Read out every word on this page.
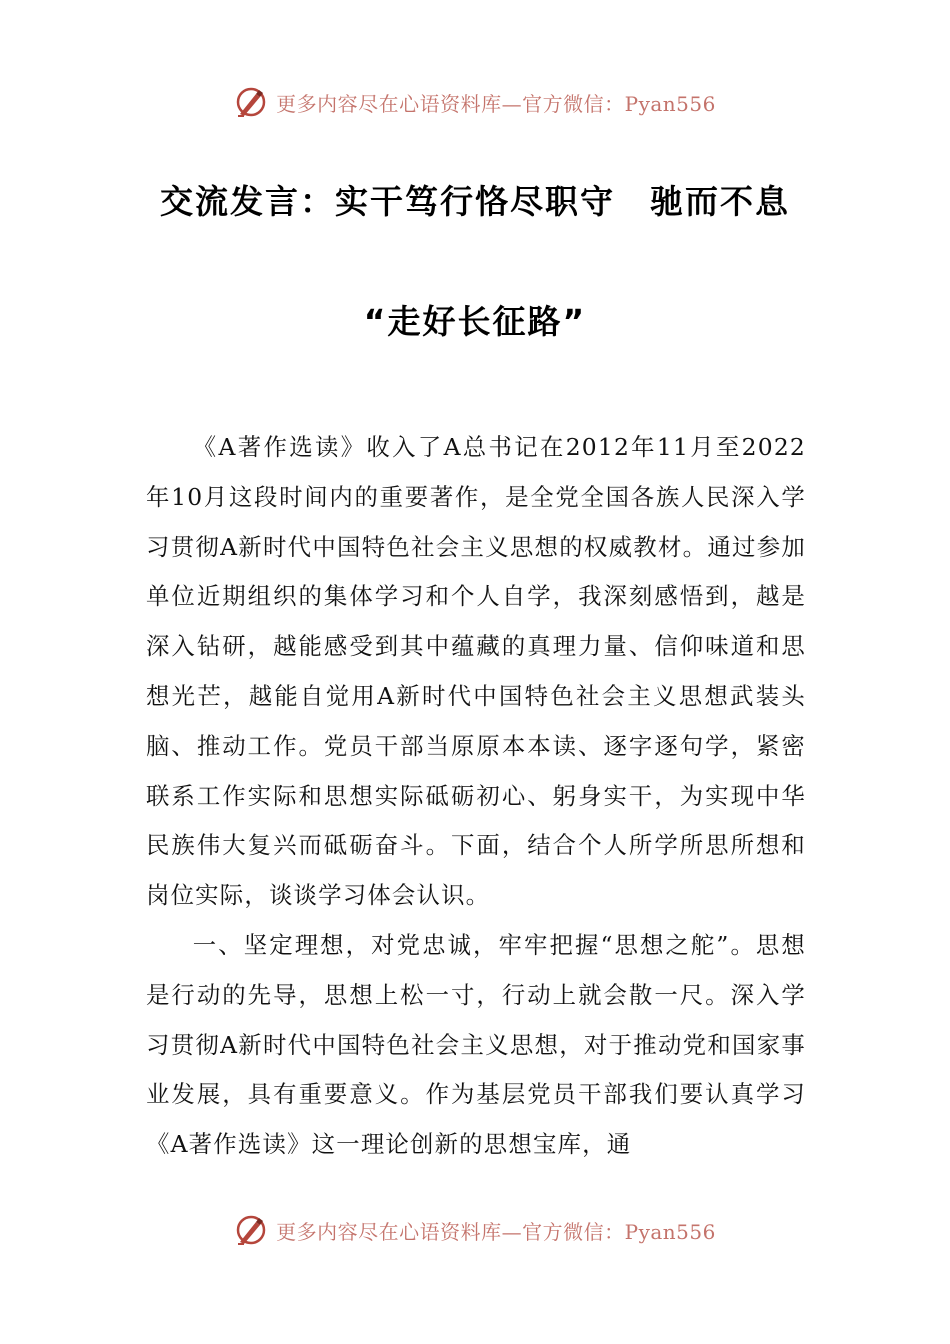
更多内容尽在心语资料库—官方微信：Pyan556
交流发言：实干笃行恪尽职守　驰而不息
“走好长征路”

《A著作选读》收入了A总书记在2012年11月至2022年10月这段时间内的重要著作，是全党全国各族人民深入学习贯彻A新时代中国特色社会主义思想的权威教材。通过参加单位近期组织的集体学习和个人自学，我深刻感悟到，越是深入钻研，越能感受到其中蕴藏的真理力量、信仰味道和思想光芒，越能自觉用A新时代中国特色社会主义思想武装头脑、推动工作。党员干部当原原本本读、逐字逐句学，紧密联系工作实际和思想实际砥砺初心、躬身实干，为实现中华民族伟大复兴而砥砺奋斗。下面，结合个人所学所思所想和岗位实际，谈谈学习体会认识。

一、坚定理想，对党忠诚，牢牢把握“思想之舵”。思想是行动的先导，思想上松一寸，行动上就会散一尺。深入学习贯彻A新时代中国特色社会主义思想，对于推动党和国家事业发展，具有重要意义。作为基层党员干部我们要认真学习《A著作选读》这一理论创新的思想宝库，通

更多内容尽在心语资料库—官方微信：Pyan556
